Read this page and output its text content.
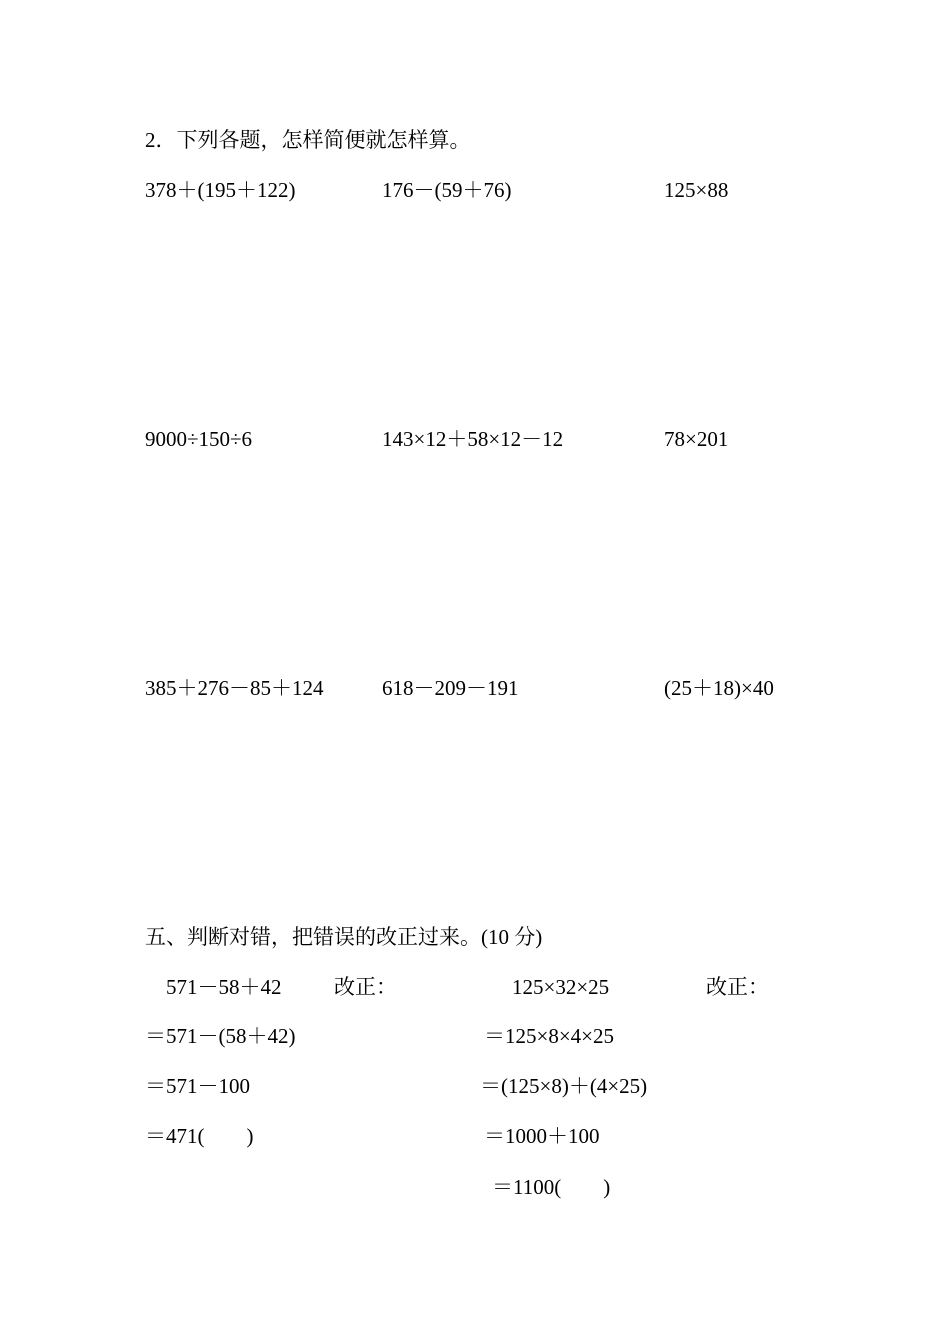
2．下列各题，怎样简便就怎样算。
378＋(195＋122)	176－(59＋76)	125×88
9000÷150÷6	143×12＋58×12－12	78×201
385＋276－85＋124	618－209－191	(25＋18)×40
五、判断对错，把错误的改正过来。(10 分)
571－58＋42	改正：	125×32×25	改正：
＝571－(58＋42)
＝571－100
＝471(　　)
＝125×8×4×25
＝(125×8)＋(4×25)
＝1000＋100
＝1100(　　)
